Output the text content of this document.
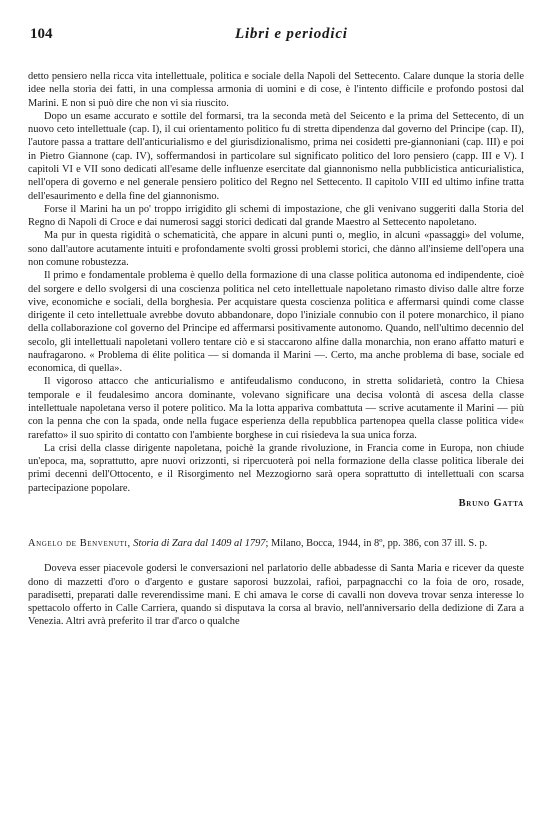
104	Libri e periodici

detto pensiero nella ricca vita intellettuale, politica e sociale della Napoli del Settecento. Calare dunque la storia delle idee nella storia dei fatti, in una complessa armonia di uomini e di cose, è l'intento difficile e profondo postosi dal Marini. E non si può dire che non vi sia riuscito.

Dopo un esame accurato e sottile del formarsi, tra la seconda metà del Seicento e la prima del Settecento, di un nuovo ceto intellettuale (cap. I), il cui orientamento politico fu di stretta dipendenza dal governo del Principe (cap. II), l'autore passa a trattare dell'anticurialismo e del giurisdizionalismo, prima nei cosidetti pre-giannoniani (cap. III) e poi in Pietro Giannone (cap. IV), soffermandosi in particolare sul significato politico del loro pensiero (capp. III e V). I capitoli VI e VII sono dedicati all'esame delle influenze esercitate dal giannonismo nella pubblicistica anticurialistica, nell'opera di governo e nel generale pensiero politico del Regno nel Settecento. Il capitolo VIII ed ultimo infine tratta dell'esaurimento e della fine del giannonismo.

Forse il Marini ha un po' troppo irrigidito gli schemi di impostazione, che gli venivano suggeriti dalla Storia del Regno di Napoli di Croce e dai numerosi saggi storici dedicati dal grande Maestro al Settecento napoletano.

Ma pur in questa rigidità o schematicità, che appare in alcuni punti o, meglio, in alcuni «passaggi» del volume, sono dall'autore acutamente intuiti e profondamente svolti grossi problemi storici, che dànno all'insieme dell'opera una non comune robustezza.

Il primo e fondamentale problema è quello della formazione di una classe politica autonoma ed indipendente, cioè del sorgere e dello svolgersi di una coscienza politica nel ceto intellettuale napoletano rimasto diviso dalle altre forze vive, economiche e sociali, della borghesia. Per acquistare questa coscienza politica e affermarsi quindi come classe dirigente il ceto intellettuale avrebbe dovuto abbandonare, dopo l'iniziale connubio con il potere monarchico, il piano della collaborazione col governo del Principe ed affermarsi positivamente autonomo. Quando, nell'ultimo decennio del secolo, gli intellettuali napoletani vollero tentare ciò e si staccarono alfine dalla monarchia, non erano affatto maturi e naufragarono. « Problema di élite politica — si domanda il Marini —. Certo, ma anche problema di base, sociale ed economica, di quella».

Il vigoroso attacco che anticurialismo e antifeudalismo conducono, in stretta solidarietà, contro la Chiesa temporale e il feudalesimo ancora dominante, volevano significare una decisa volontà di ascesa della classe intellettuale napoletana verso il potere politico. Ma la lotta appariva combattuta — scrive acutamente il Marini — più con la penna che con la spada, onde nella fugace esperienza della repubblica partenopea quella classe politica vide« rarefatto» il suo spirito di contatto con l'ambiente borghese in cui risiedeva la sua unica forza.

La crisi della classe dirigente napoletana, poichè la grande rivoluzione, in Francia come in Europa, non chiude un'epoca, ma, soprattutto, apre nuovi orizzonti, si ripercuoterà poi nella formazione della classe politica liberale dei primi decenni dell'Ottocento, e il Risorgimento nel Mezzogiorno sarà opera soprattutto di intellettuali con scarsa partecipazione popolare.

Bruno Gatta

Angelo de Benvenuti, Storia di Zara dal 1409 al 1797; Milano, Bocca, 1944, in 8º, pp. 386, con 37 ill. S. p.

Doveva esser piacevole godersi le conversazioni nel parlatorio delle abbadesse di Santa Maria e ricever da queste dono di mazzetti d'oro o d'argento e gustare saporosi buzzolai, rafioi, parpagnacchi co la foia de oro, rosade, paradisetti, preparati dalle reverendissime mani. E chi amava le corse di cavalli non doveva trovar senza interesse lo spettacolo offerto in Calle Carriera, quando si disputava la corsa al bravio, nell'anniversario della dedizione di Zara a Venezia. Altri avrà preferito il trar d'arco o qualche
